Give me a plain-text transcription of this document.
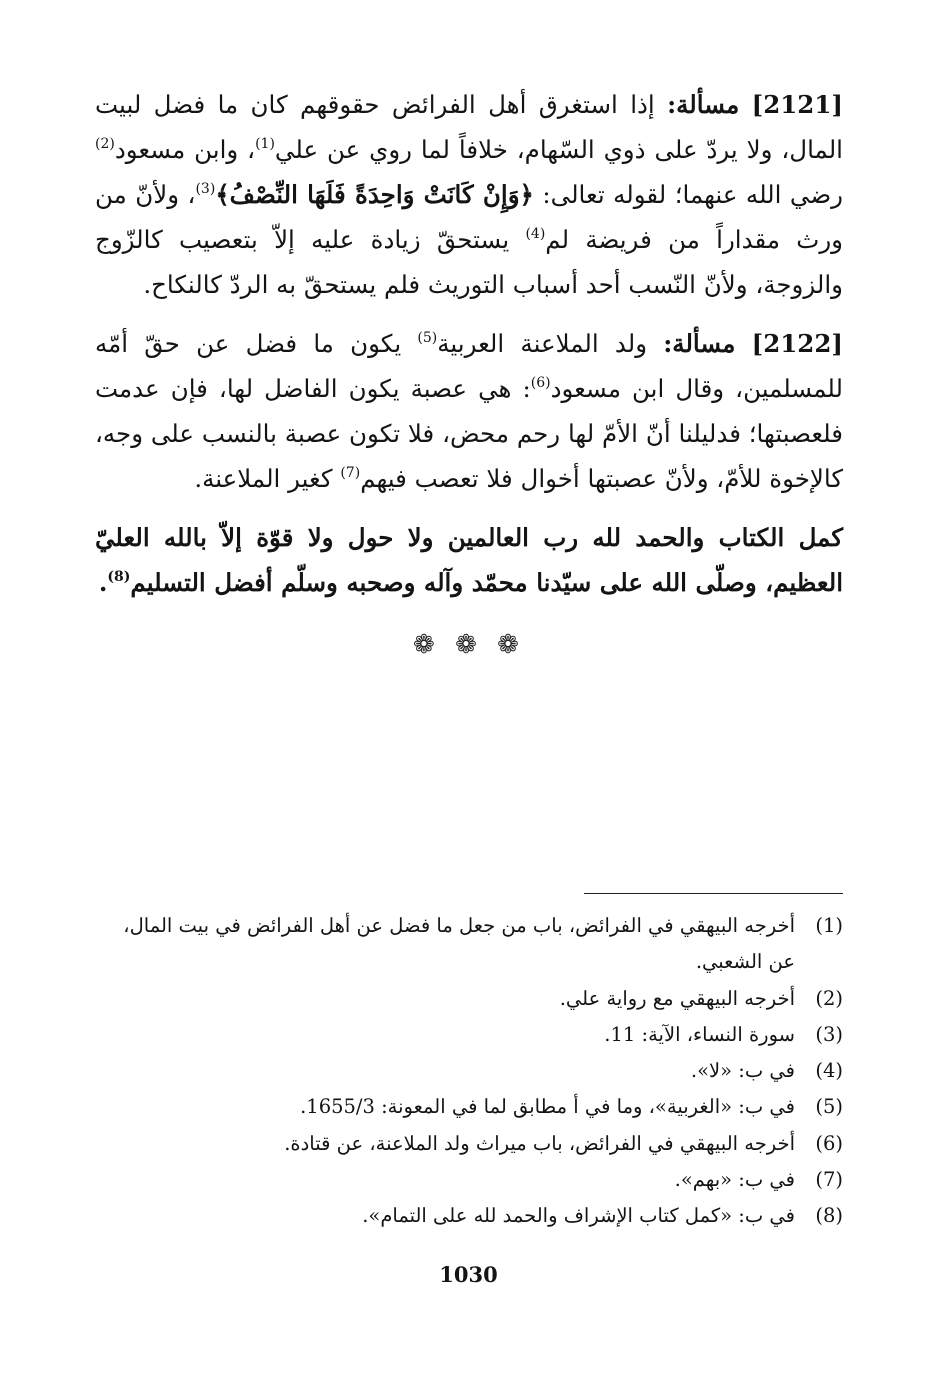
[2121] مسألة: إذا استغرق أهل الفرائض حقوقهم كان ما فضل لبيت المال، ولا يردّ على ذوي السّهام، خلافاً لما روي عن علي$^{(1)}$، وابن مسعود$^{(2)}$ رضي الله عنهما؛ لقوله تعالى: ﴿وَإِنْ كَانَتْ وَاحِدَةً فَلَهَا النِّصْفُ﴾$^{(3)}$، ولأنّ من ورث مقداراً من فريضة لم$^{(4)}$ يستحقّ زيادة عليه إلاّ بتعصيب كالزّوج والزوجة، ولأنّ النّسب أحد أسباب التوريث فلم يستحقّ به الردّ كالنكاح.

[2122] مسألة: ولد الملاعنة العربية$^{(5)}$ يكون ما فضل عن حقّ أمّه للمسلمين، وقال ابن مسعود$^{(6)}$: هي عصبة يكون الفاضل لها، فإن عدمت فلعصبتها؛ فدليلنا أنّ الأمّ لها رحم محض، فلا تكون عصبة بالنسب على وجه، كالإخوة للأمّ، ولأنّ عصبتها أخوال فلا تعصب فيهم$^{(7)}$ كغير الملاعنة.

كمل الكتاب والحمد لله رب العالمين ولا حول ولا قوّة إلاّ بالله العليّ العظيم، وصلّى الله على سيّدنا محمّد وآله وصحبه وسلّم أفضل التسليم$^{(8)}$.

❁ ❁ ❁
(1)
أخرجه البيهقي في الفرائض، باب من جعل ما فضل عن أهل الفرائض في بيت المال، عن الشعبي.
(2)
أخرجه البيهقي مع رواية علي.
(3)
سورة النساء، الآية: 11.
(4)
في ب: «لا».
(5)
في ب: «الغربية»، وما في أ مطابق لما في المعونة: 1655/3.
(6)
أخرجه البيهقي في الفرائض، باب ميراث ولد الملاعنة، عن قتادة.
(7)
في ب: «بهم».
(8)
في ب: «كمل كتاب الإشراف والحمد لله على التمام».
1030
